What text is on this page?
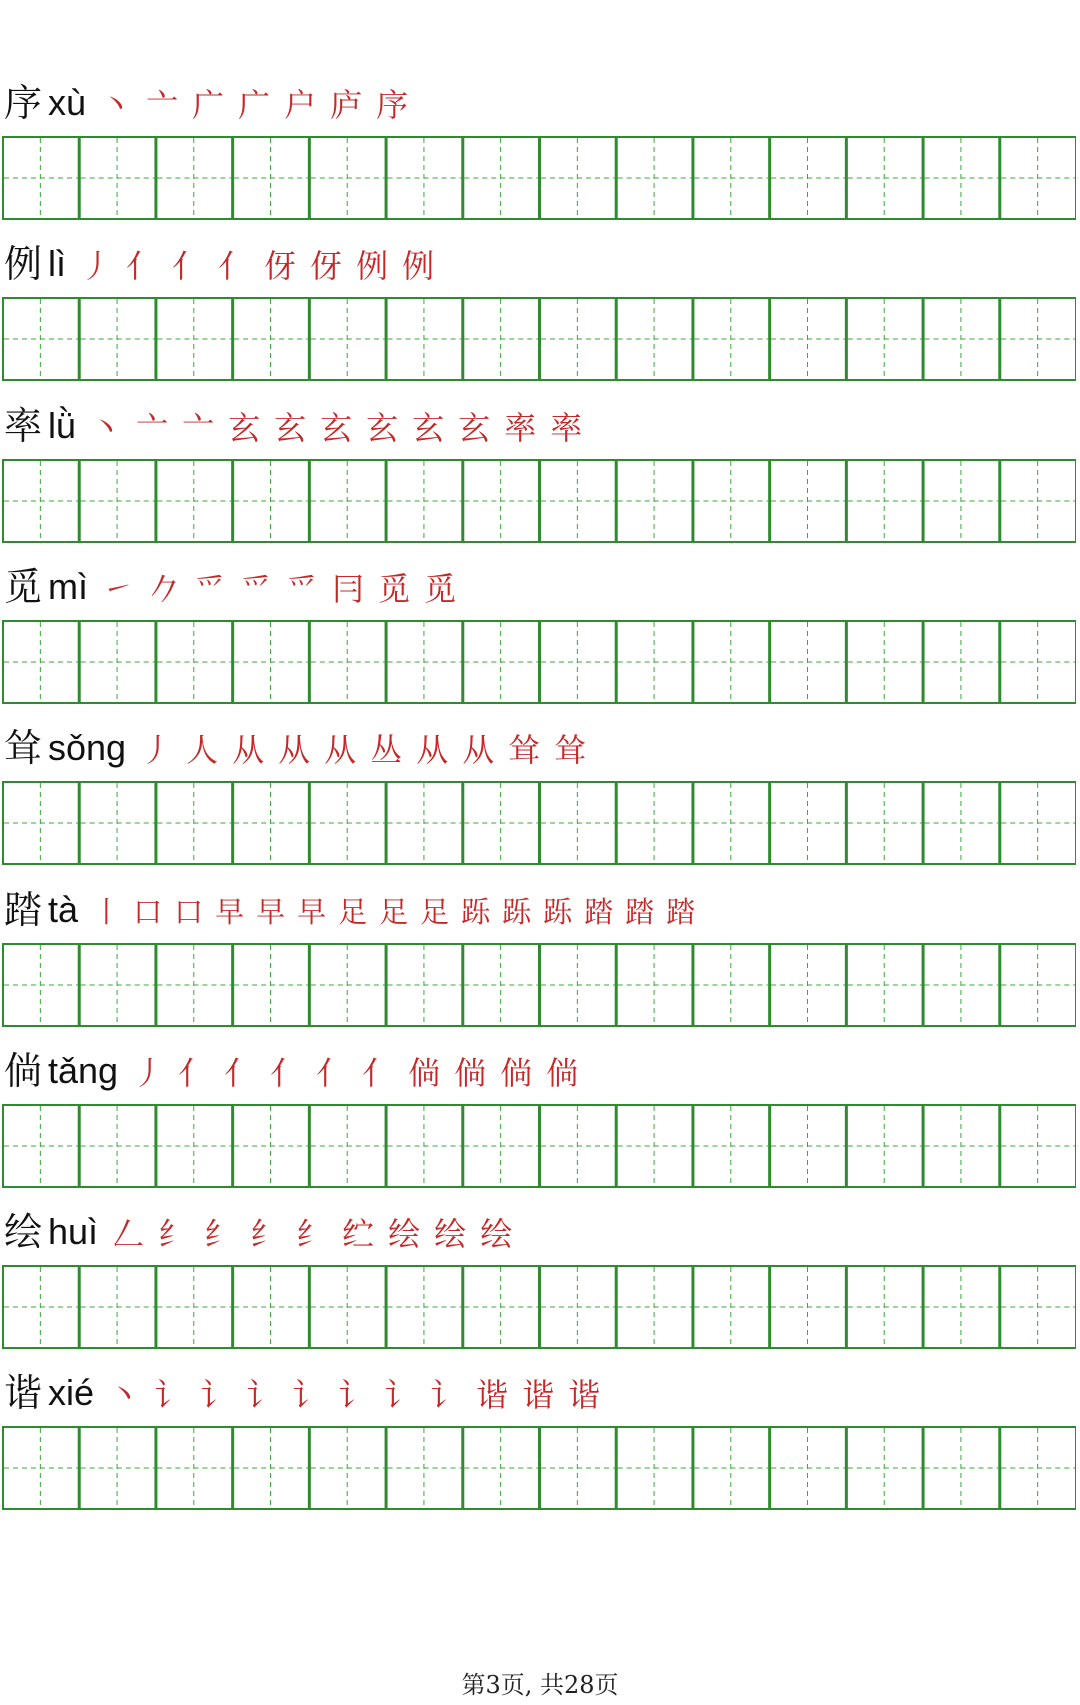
序 xù 丶 亠 广 广 户 庐 序
例 lì 丿 亻 亻 亻 伢 伢 例 例
率 lǜ 丶 亠 亠 玄 玄 玄 玄 玄 玄 率 率
觅 mì ㇀ 𠂊 爫 爫 爫 冃 觅 觅
耸 sǒng 丿 人 从 从 从 丛 从 从 耸 耸
踏 tà 丨 口 口 早 早 早 足 足 足 跞 跞 跞 踏 踏 踏
倘 tǎng 丿 亻 亻 亻 亻 亻 倘 倘 倘 倘
绘 huì 𠃋 纟 纟 纟 纟 纻 绘 绘 绘
谐 xié 丶 讠 讠 讠 讠 讠 讠 讠 谐 谐 谐
第3页, 共28页
